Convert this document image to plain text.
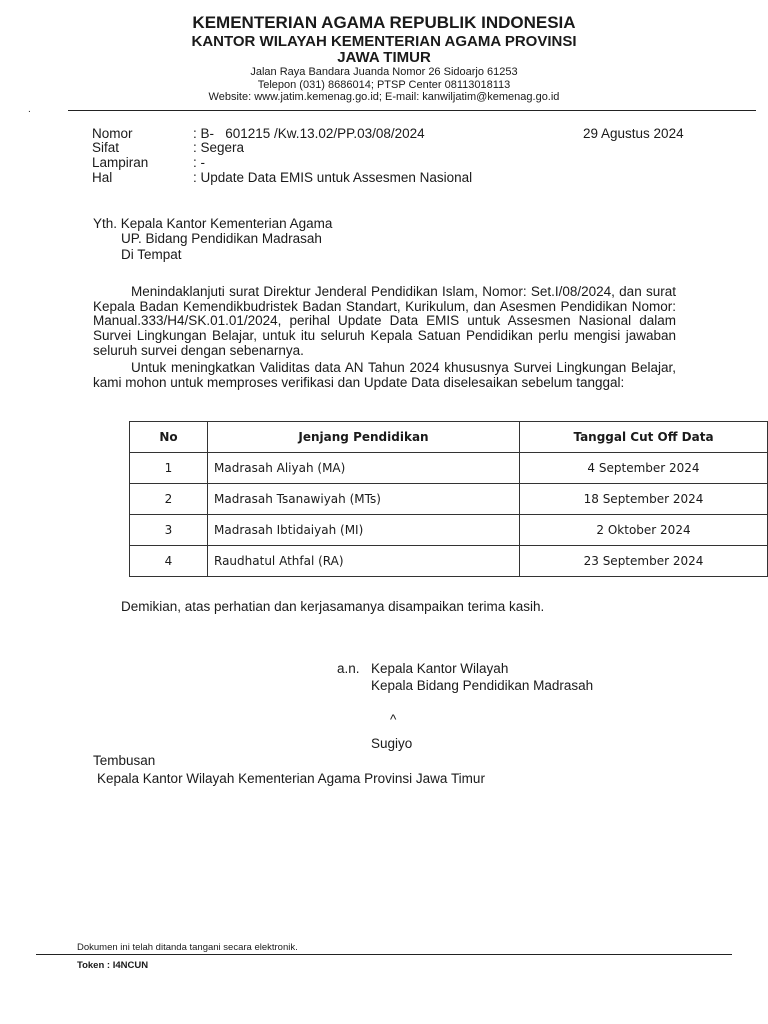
KEMENTERIAN AGAMA REPUBLIK INDONESIA
KANTOR WILAYAH KEMENTERIAN AGAMA PROVINSI
JAWA TIMUR
Jalan Raya Bandara Juanda Nomor 26 Sidoarjo 61253
Telepon (031) 8686014; PTSP Center 08113018113
Website: www.jatim.kemenag.go.id; E-mail: kanwiljatim@kemenag.go.id
.
Nomor	: B-   601215 /Kw.13.02/PP.03/08/2024	29 Agustus 2024
Sifat	: Segera
Lampiran	: -
Hal	: Update Data EMIS untuk Assesmen Nasional
Yth. Kepala Kantor Kementerian Agama
UP. Bidang Pendidikan Madrasah
Di Tempat
Menindaklanjuti surat Direktur Jenderal Pendidikan Islam, Nomor: Set.I/08/2024, dan surat Kepala Badan Kemendikbudristek Badan Standart, Kurikulum, dan Asesmen Pendidikan Nomor: Manual.333/H4/SK.01.01/2024, perihal Update Data EMIS untuk Assesmen Nasional dalam Survei Lingkungan Belajar, untuk itu seluruh Kepala Satuan Pendidikan perlu mengisi jawaban seluruh survei dengan sebenarnya.
Untuk meningkatkan Validitas data AN Tahun 2024 khususnya Survei Lingkungan Belajar, kami mohon untuk memproses verifikasi dan Update Data diselesaikan sebelum tanggal:
No	Jenjang Pendidikan	Tanggal Cut Off Data
1	Madrasah Aliyah (MA)	4 September 2024
2	Madrasah Tsanawiyah (MTs)	18 September 2024
3	Madrasah Ibtidaiyah (MI)	2 Oktober 2024
4	Raudhatul Athfal (RA)	23 September 2024
Demikian, atas perhatian dan kerjasamanya disampaikan terima kasih.
a.n. Kepala Kantor Wilayah
Kepala Bidang Pendidikan Madrasah
^
Sugiyo
Tembusan
Kepala Kantor Wilayah Kementerian Agama Provinsi Jawa Timur
Dokumen ini telah ditanda tangani secara elektronik.
Token : I4NCUN
